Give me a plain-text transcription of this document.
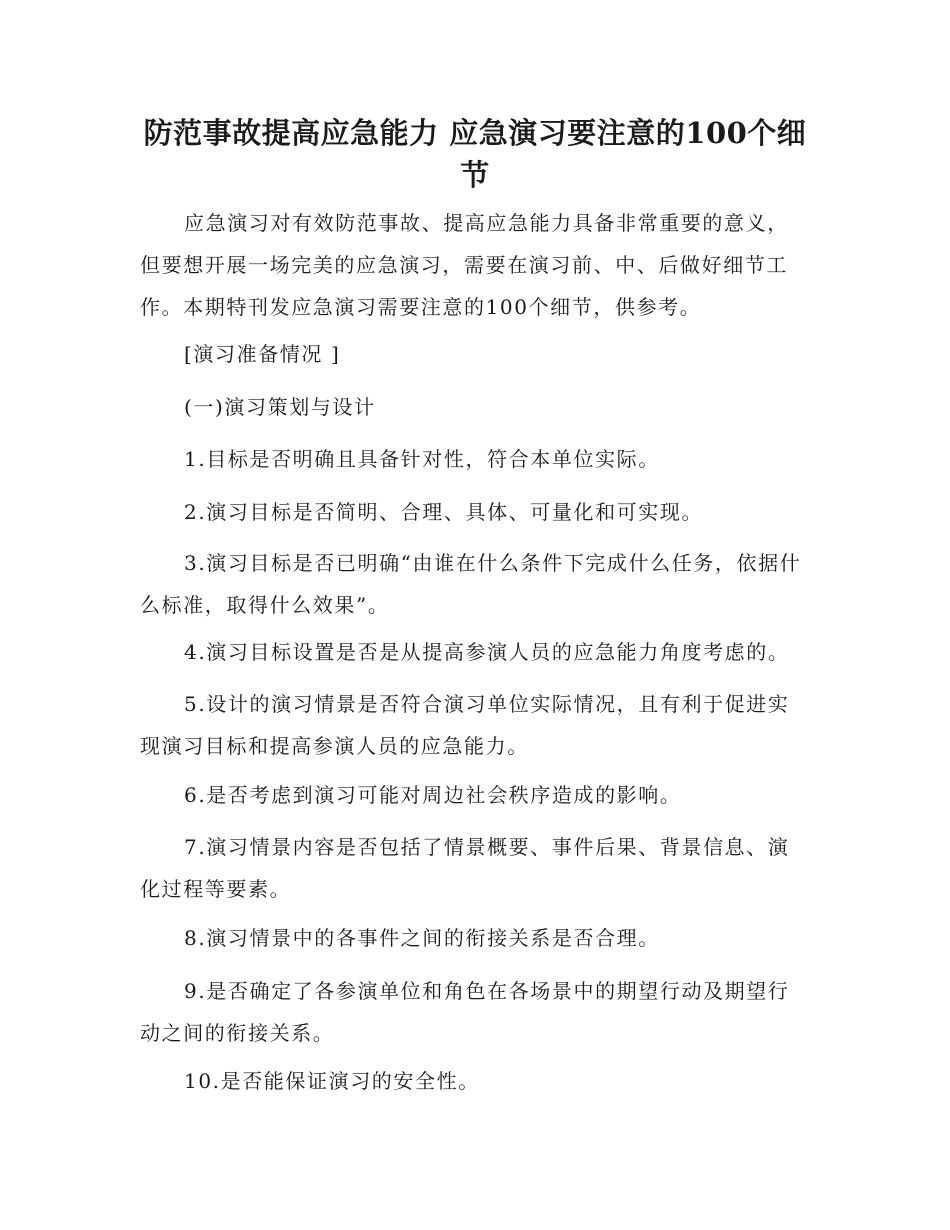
防范事故提高应急能力 应急演习要注意的100个细节

应急演习对有效防范事故、提高应急能力具备非常重要的意义，但要想开展一场完美的应急演习，需要在演习前、中、后做好细节工作。本期特刊发应急演习需要注意的100个细节，供参考。

[演习准备情况 ]

(一)演习策划与设计

1.目标是否明确且具备针对性，符合本单位实际。

2.演习目标是否简明、合理、具体、可量化和可实现。

3.演习目标是否已明确“由谁在什么条件下完成什么任务，依据什么标准，取得什么效果”。

4.演习目标设置是否是从提高参演人员的应急能力角度考虑的。

5.设计的演习情景是否符合演习单位实际情况，且有利于促进实现演习目标和提高参演人员的应急能力。

6.是否考虑到演习可能对周边社会秩序造成的影响。

7.演习情景内容是否包括了情景概要、事件后果、背景信息、演化过程等要素。

8.演习情景中的各事件之间的衔接关系是否合理。

9.是否确定了各参演单位和角色在各场景中的期望行动及期望行动之间的衔接关系。

10.是否能保证演习的安全性。
